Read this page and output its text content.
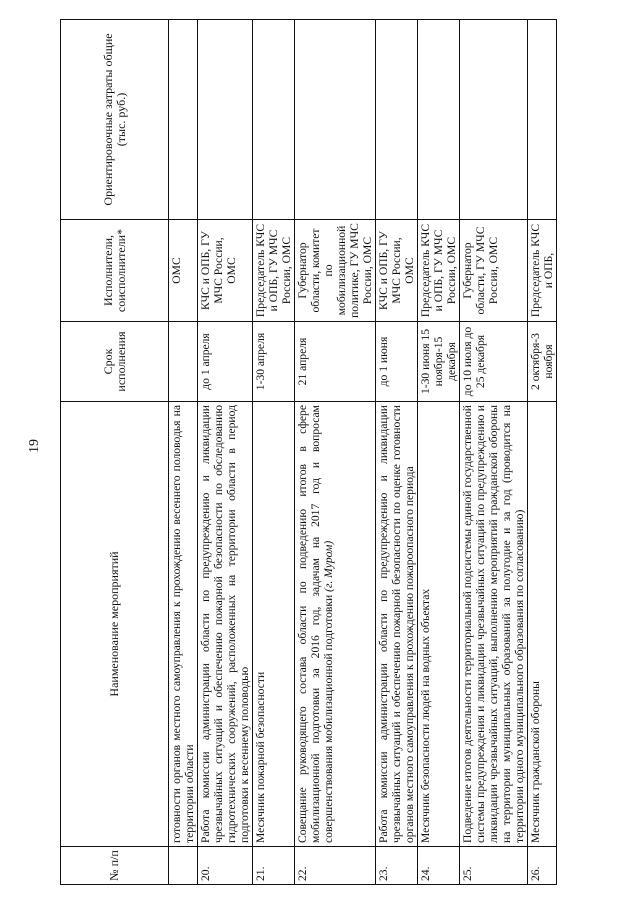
19
№ п/п	Наименование мероприятий	Срок исполнения	Исполнители, соисполнители*	Ориентировочные затраты общие (тыс. руб.)
	готовности органов местного самоуправления к прохождению весеннего половодья на территории области		ОМС	
20.	Работа комиссии администрации области по предупреждению и ликвидации чрезвычайных ситуаций и обеспечению пожарной безопасности по обследованию гидротехнических сооружений, расположенных на территории области в период подготовки к весеннему половодью	до 1 апреля	КЧС и ОПБ, ГУ МЧС России, ОМС	
21.	Месячник пожарной безопасности	1-30 апреля	Председатель КЧС и ОПБ, ГУ МЧС России, ОМС	
22.	Совещание руководящего состава области по подведению итогов в сфере мобилизационной подготовки за 2016 год, задачам на 2017 год и вопросам совершенствования мобилизационной подготовки (г. Муром)	21 апреля	Губернатор области, комитет по мобилизационной политике, ГУ МЧС России, ОМС	
23.	Работа комиссии администрации области по предупреждению и ликвидации чрезвычайных ситуаций и обеспечению пожарной безопасности по оценке готовности органов местного самоуправления к прохождению пожароопасного периода	до 1 июня	КЧС и ОПБ, ГУ МЧС России, ОМС	
24.	Месячник безопасности людей на водных объектах	1-30 июня 15 ноября-15 декабря	Председатель КЧС и ОПБ, ГУ МЧС России, ОМС	
25.	Подведение итогов деятельности территориальной подсистемы единой государственной системы предупреждения и ликвидации чрезвычайных ситуаций по предупреждению и ликвидации чрезвычайных ситуаций, выполнению мероприятий гражданской обороны на территории муниципальных образований за полугодие и за год (проводится на территории одного муниципального образования по согласованию)	до 10 июля до 25 декабря	Губернатор области, ГУ МЧС России, ОМС	
26.	Месячник гражданской обороны	2 октября-3 ноября	Председатель КЧС и ОПБ,	
